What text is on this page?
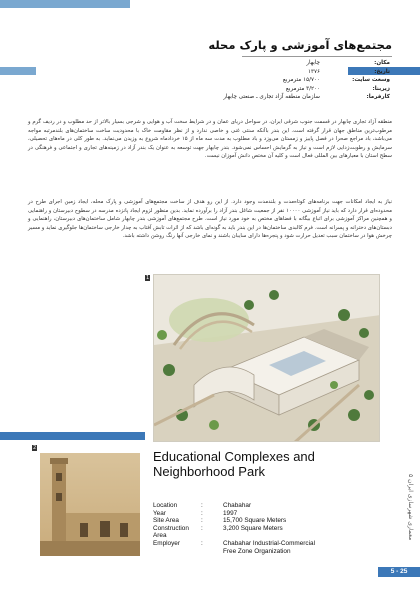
مجتمع‌های آموزشی و پارک محله
مکان:
چابهار
تاریخ:
۱۳۷۶
وسعت سایت:
۱۵/۷۰۰ مترمربع
زیربنا:
۳/۲۰۰ مترمربع
کارفرما:
سازمان منطقه آزاد تجاری ـ صنعتی چابهار

منطقه آزاد تجاری چابهار در قسمت جنوب شرقی ایران، در سواحل دریای عمان و در شرایط سخت آب و هوایی و شرجی بسیار بالاتر از حد مطلوب و در ردیف گرم و مرطوب‌ترین مناطق جهان قرار گرفته است. این بندر باآنکه سنتی غنی و خاصی ندارد و از نظر مقاومت خاک با محدودیت ساخت ساختمان‌های بلندمرتبه مواجه می‌باشد، باد مراجع صحرا در فصل پاییز و زمستان می‌وزد و باد مطلوب به مدت سه ماه از ۱۵ خردادماه شروع به وزیدن می‌نماید. به طور کلی در ماه‌های تحصیلی، سرمایش و رطوبت‌زدایی لازم است و نیاز به گرمایش احساس نمی‌شود. بندر چابهار جهت توسعه به عنوان یک بندر آزاد در زمینه‌های تجاری و اجتماعی و فرهنگی در سطح استان با معیارهای بین المللی فعال است و کلیه آن مختص دانش آموزان نیست.

نیاز به ایجاد امکانات جهت برنامه‌های کوتاه‌مدت و بلندمدت وجود دارد. از این رو هدف از ساخت مجتمع‌های آموزشی و پارک محله، ایجاد زمین اجرای طرح در محدوده‌ای قرار دارد که باید نیاز آموزشی ۱۰۰۰۰ نفر از جمعیت شاغل بندر آزاد را برآورده نماید. بدین منظور لزوم ایجاد پانزده مدرسه در سطوح دبیرستان و راهنمایی و همچنین مراکز آموزشی برای اتباع بیگانه با فضاهای مختص به خود مورد نیاز است. طرح مجتمع‌های آموزشی بندر چابهار شامل ساختمان‌های دبیرستان، راهنمایی و دبستان‌های دخترانه و پسرانه است. فرم کالبدی ساختمان‌ها در این بندر باید به گونه‌ای باشد که از اثرات تابش آفتاب به چدار خارجی ساختمان‌ها جلوگیری نماید و مسیر چرخش هوا در ساختمان سبب تعدیل حرارت شود و پنجره‌ها دارای سایبان باشند و نمای خارجی آنها رنگ روشن داشته باشد.

1
معماری شهرسازی ایران ۵
2
Educational Complexes and Neighborhood Park
Location	:	Chabahar
Year	:	1997
Site Area	:	15,700 Square Meters
Construction Area
:	3,200 Square Meters
Employer	:	Chabahar Industrial-Commercial
Free Zone Organization
5 - 25
